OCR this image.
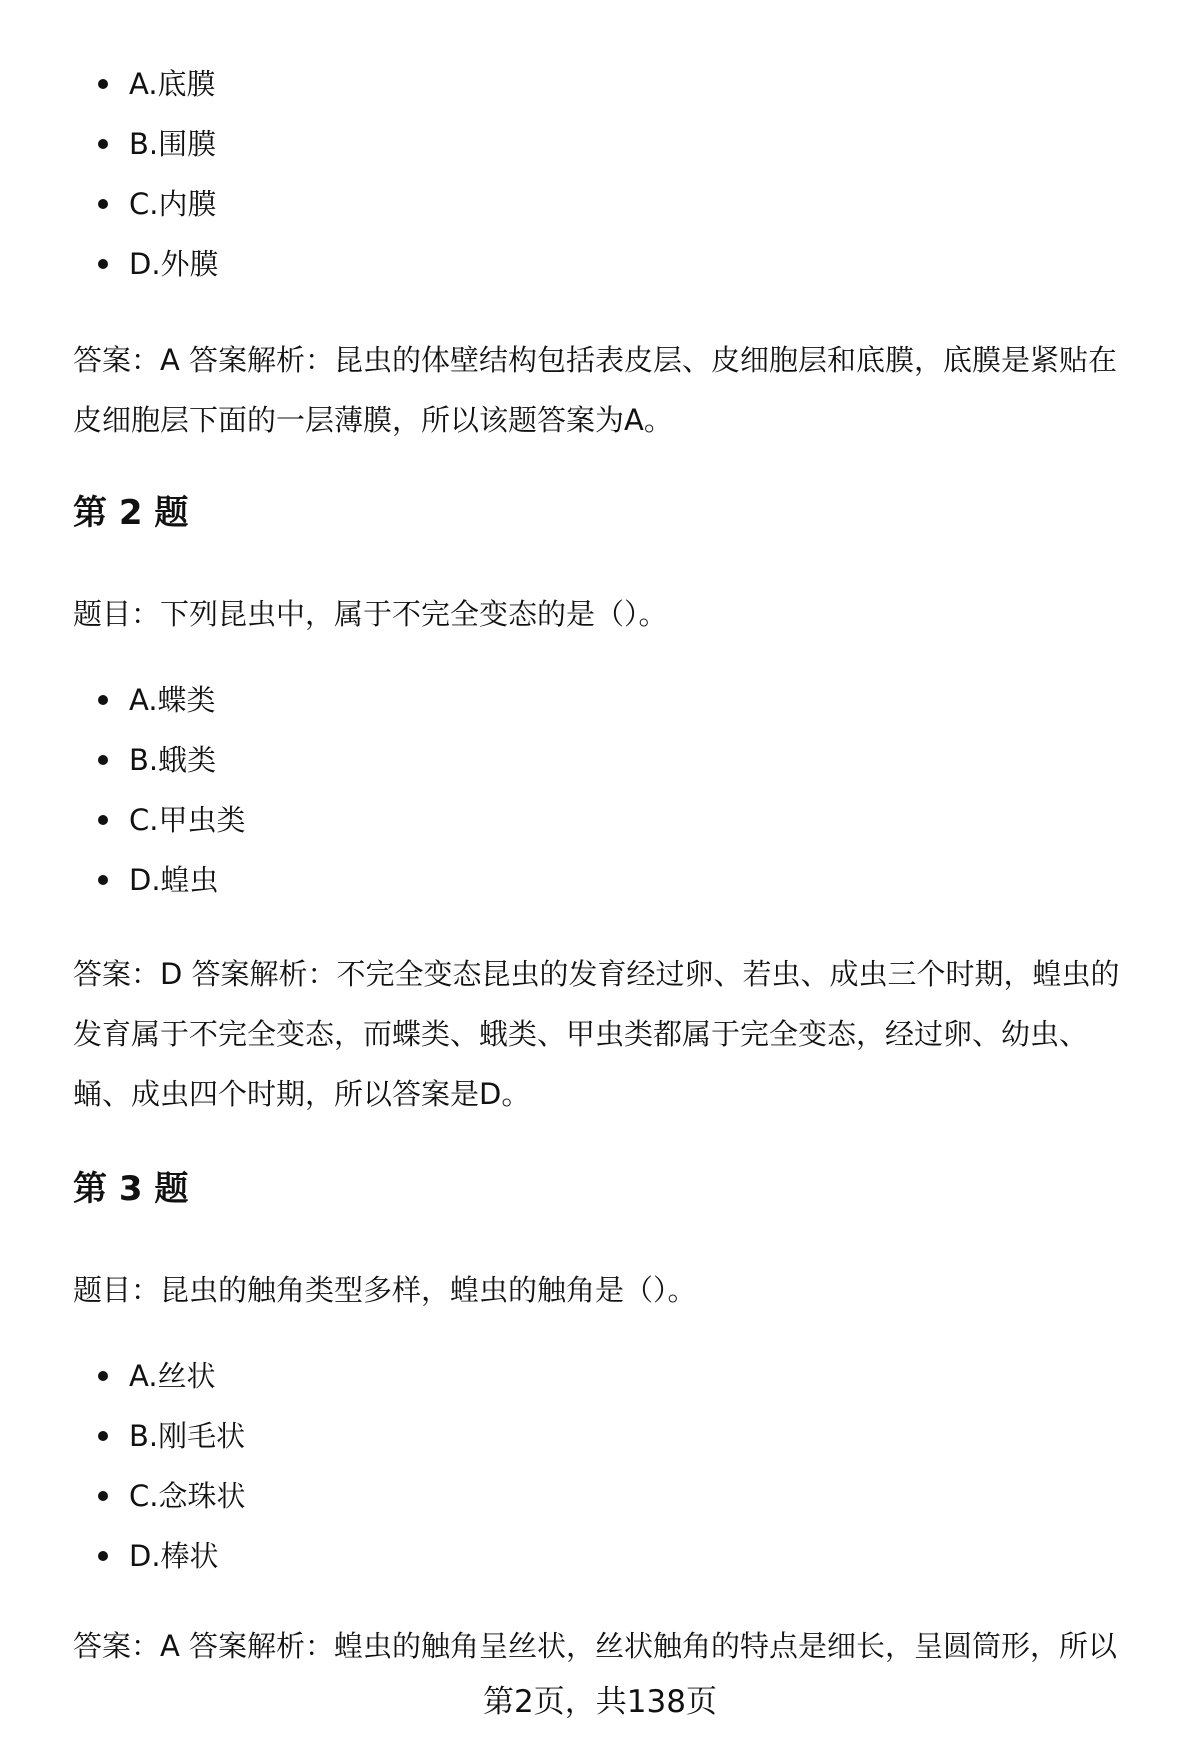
A.底膜
B.围膜
C.内膜
D.外膜

答案：A 答案解析：昆虫的体壁结构包括表皮层、皮细胞层和底膜，底膜是紧贴在

皮细胞层下面的一层薄膜，所以该题答案为A。

第 2 题

题目：下列昆虫中，属于不完全变态的是（）。

A.蝶类
B.蛾类
C.甲虫类
D.蝗虫

答案：D 答案解析：不完全变态昆虫的发育经过卵、若虫、成虫三个时期，蝗虫的

发育属于不完全变态，而蝶类、蛾类、甲虫类都属于完全变态，经过卵、幼虫、

蛹、成虫四个时期，所以答案是D。

第 3 题

题目：昆虫的触角类型多样，蝗虫的触角是（）。

A.丝状
B.刚毛状
C.念珠状
D.棒状

答案：A 答案解析：蝗虫的触角呈丝状，丝状触角的特点是细长，呈圆筒形，所以

第2页，共138页
